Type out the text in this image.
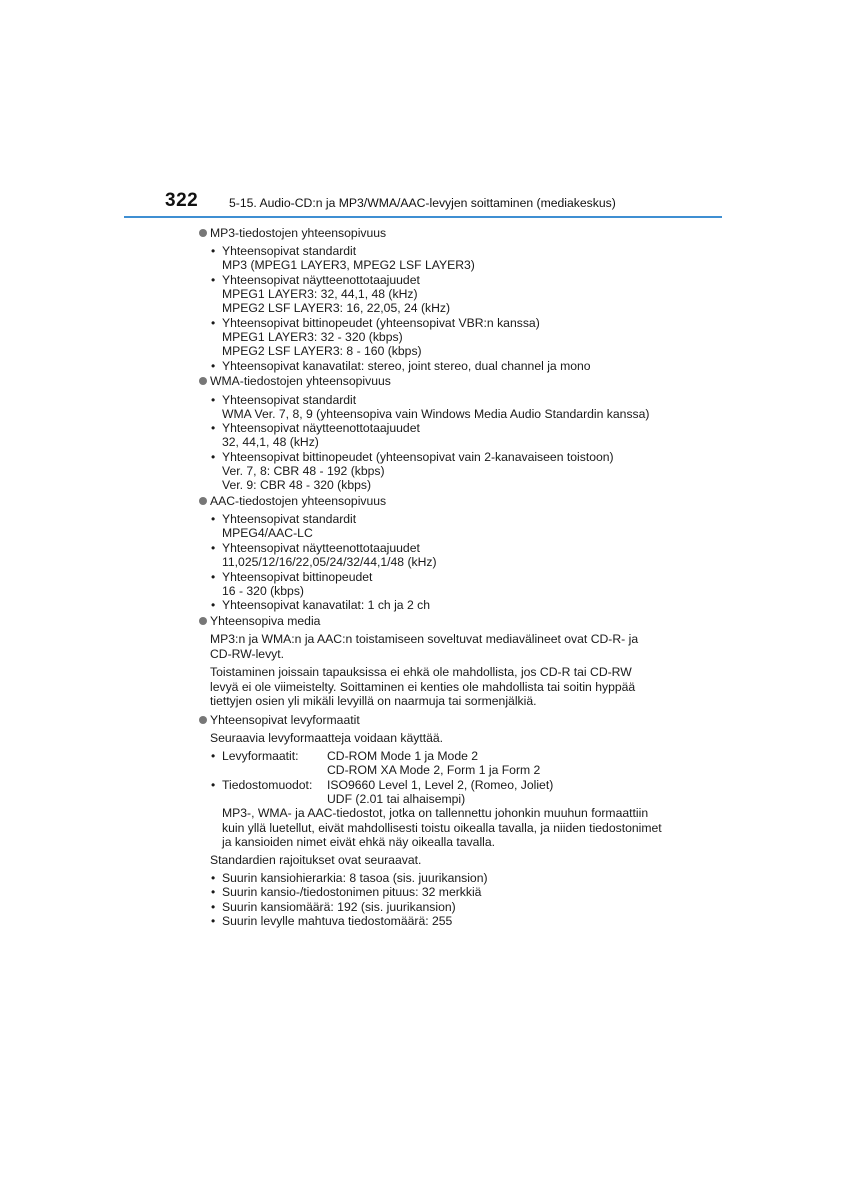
322	5-15. Audio-CD:n ja MP3/WMA/AAC-levyjen soittaminen (mediakeskus)
MP3-tiedostojen yhteensopivuus
• Yhteensopivat standardit
MP3 (MPEG1 LAYER3, MPEG2 LSF LAYER3)
• Yhteensopivat näytteenottotaajuudet
MPEG1 LAYER3: 32, 44,1, 48 (kHz)
MPEG2 LSF LAYER3: 16, 22,05, 24 (kHz)
• Yhteensopivat bittinopeudet (yhteensopivat VBR:n kanssa)
MPEG1 LAYER3: 32 - 320 (kbps)
MPEG2 LSF LAYER3: 8 - 160 (kbps)
• Yhteensopivat kanavatilat: stereo, joint stereo, dual channel ja mono
WMA-tiedostojen yhteensopivuus
• Yhteensopivat standardit
WMA Ver. 7, 8, 9 (yhteensopiva vain Windows Media Audio Standardin kanssa)
• Yhteensopivat näytteenottotaajuudet
32, 44,1, 48 (kHz)
• Yhteensopivat bittinopeudet (yhteensopivat vain 2-kanavaiseen toistoon)
Ver. 7, 8: CBR 48 - 192 (kbps)
Ver. 9: CBR 48 - 320 (kbps)
AAC-tiedostojen yhteensopivuus
• Yhteensopivat standardit
MPEG4/AAC-LC
• Yhteensopivat näytteenottotaajuudet
11,025/12/16/22,05/24/32/44,1/48 (kHz)
• Yhteensopivat bittinopeudet
16 - 320 (kbps)
• Yhteensopivat kanavatilat: 1 ch ja 2 ch
Yhteensopiva media
MP3:n ja WMA:n ja AAC:n toistamiseen soveltuvat mediavälineet ovat CD-R- ja CD-RW-levyt.
Toistaminen joissain tapauksissa ei ehkä ole mahdollista, jos CD-R tai CD-RW levyä ei ole viimeistelty. Soittaminen ei kenties ole mahdollista tai soitin hyppää tiettyjen osien yli mikäli levyillä on naarmuja tai sormenjälkiä.
Yhteensopivat levyformaatit
Seuraavia levyformaatteja voidaan käyttää.
• Levyformaatit: CD-ROM Mode 1 ja Mode 2
CD-ROM XA Mode 2, Form 1 ja Form 2
• Tiedostomuodot: ISO9660 Level 1, Level 2, (Romeo, Joliet)
UDF (2.01 tai alhaisempi)
MP3-, WMA- ja AAC-tiedostot, jotka on tallennettu johonkin muuhun formaattiin kuin yllä luetellut, eivät mahdollisesti toistu oikealla tavalla, ja niiden tiedostonimet ja kansioiden nimet eivät ehkä näy oikealla tavalla.
Standardien rajoitukset ovat seuraavat.
• Suurin kansiohierarkia: 8 tasoa (sis. juurikansion)
• Suurin kansio-/tiedostonimen pituus: 32 merkkiä
• Suurin kansiomäärä: 192 (sis. juurikansion)
• Suurin levylle mahtuva tiedostomäärä: 255
